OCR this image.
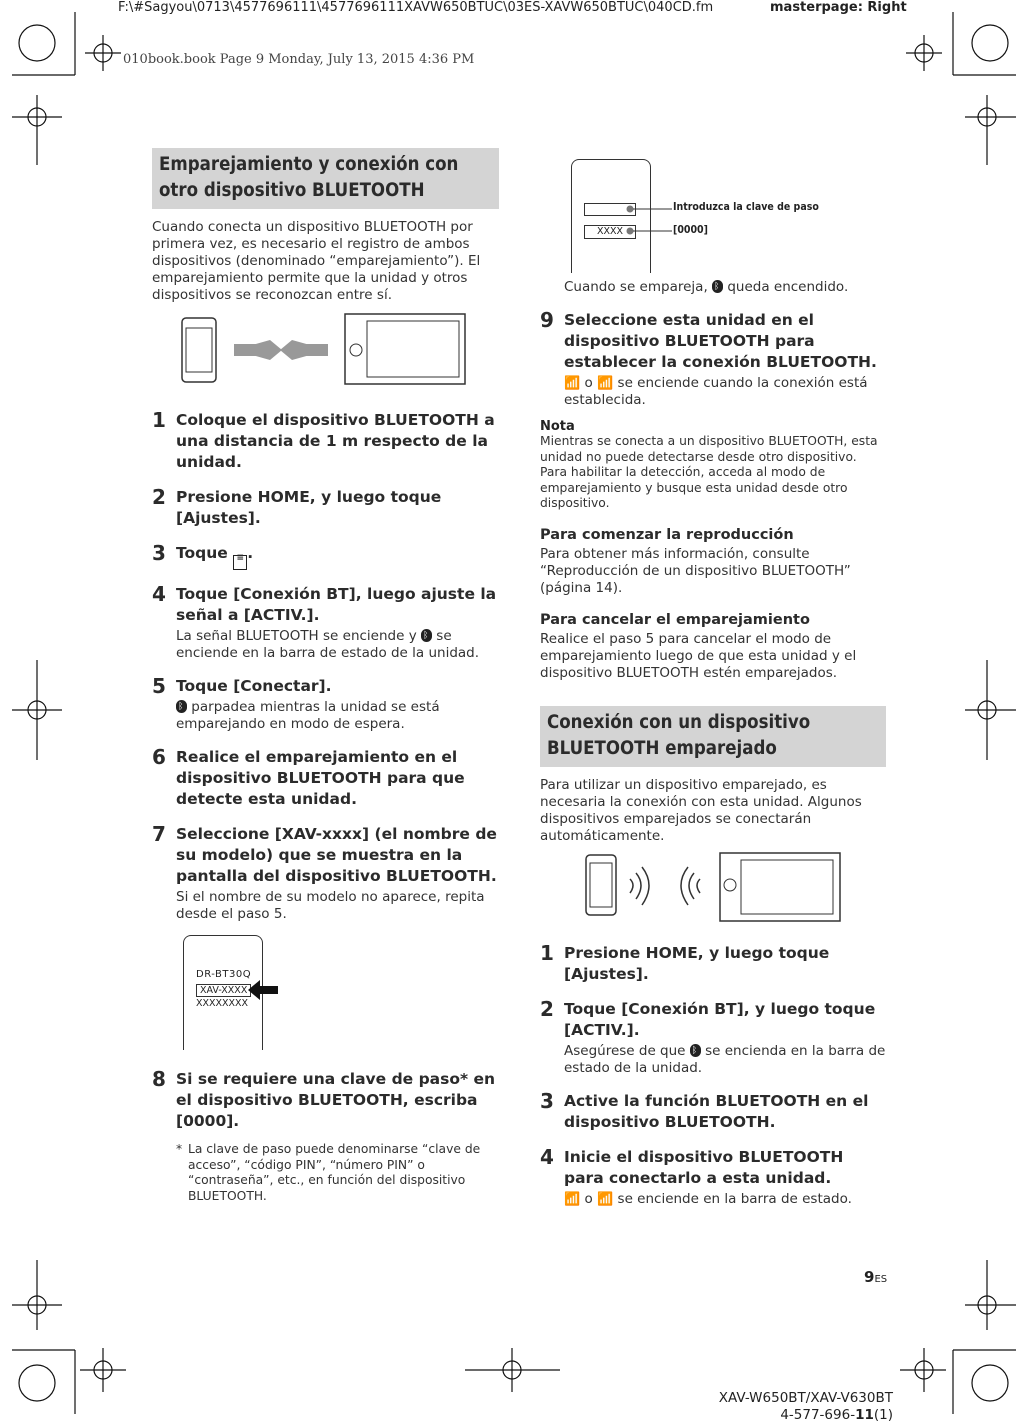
F:\#Sagyou\0713\4577696111\4577696111XAVW650BTUC\03ES-XAVW650BTUC\040CD.fm	masterpage: Right
010book.book Page 9 Monday, July 13, 2015 4:36 PM
Emparejamiento y conexión con otro dispositivo BLUETOOTH
Cuando conecta un dispositivo BLUETOOTH por primera vez, es necesario el registro de ambos dispositivos (denominado “emparejamiento”). El emparejamiento permite que la unidad y otros dispositivos se reconozcan entre sí.
1 Coloque el dispositivo BLUETOOTH a una distancia de 1 m respecto de la unidad.
2 Presione HOME, y luego toque [Ajustes].
3 Toque ≡ .
4 Toque [Conexión BT], luego ajuste la señal a [ACTIV.].
La señal BLUETOOTH se enciende y ᛒ se enciende en la barra de estado de la unidad.
5 Toque [Conectar].
ᛒ parpadea mientras la unidad se está emparejando en modo de espera.
6 Realice el emparejamiento en el dispositivo BLUETOOTH para que detecte esta unidad.
7 Seleccione [XAV-xxxx] (el nombre de su modelo) que se muestra en la pantalla del dispositivo BLUETOOTH.
Si el nombre de su modelo no aparece, repita desde el paso 5.
DR-BT30Q
XAV-XXXX
XXXXXXXX
8 Si se requiere una clave de paso* en el dispositivo BLUETOOTH, escriba [0000].
* La clave de paso puede denominarse “clave de acceso”, “código PIN”, “número PIN” o “contraseña”, etc., en función del dispositivo BLUETOOTH.
XXXX
Introduzca la clave de paso
[0000]
Cuando se empareja, ᛒ queda encendido.
9 Seleccione esta unidad en el dispositivo BLUETOOTH para establecer la conexión BLUETOOTH.
📶 o 📶 se enciende cuando la conexión está establecida.
Nota
Mientras se conecta a un dispositivo BLUETOOTH, esta unidad no puede detectarse desde otro dispositivo. Para habilitar la detección, acceda al modo de emparejamiento y busque esta unidad desde otro dispositivo.
Para comenzar la reproducción
Para obtener más información, consulte “Reproducción de un dispositivo BLUETOOTH” (página 14).
Para cancelar el emparejamiento
Realice el paso 5 para cancelar el modo de emparejamiento luego de que esta unidad y el dispositivo BLUETOOTH estén emparejados.
Conexión con un dispositivo BLUETOOTH emparejado
Para utilizar un dispositivo emparejado, es necesaria la conexión con esta unidad. Algunos dispositivos emparejados se conectarán automáticamente.
1 Presione HOME, y luego toque [Ajustes].
2 Toque [Conexión BT], y luego toque [ACTIV.].
Asegúrese de que ᛒ se encienda en la barra de estado de la unidad.
3 Active la función BLUETOOTH en el dispositivo BLUETOOTH.
4 Inicie el dispositivo BLUETOOTH para conectarlo a esta unidad.
📶 o 📶 se enciende en la barra de estado.
9ES
XAV-W650BT/XAV-V630BT
4-577-696-11(1)
